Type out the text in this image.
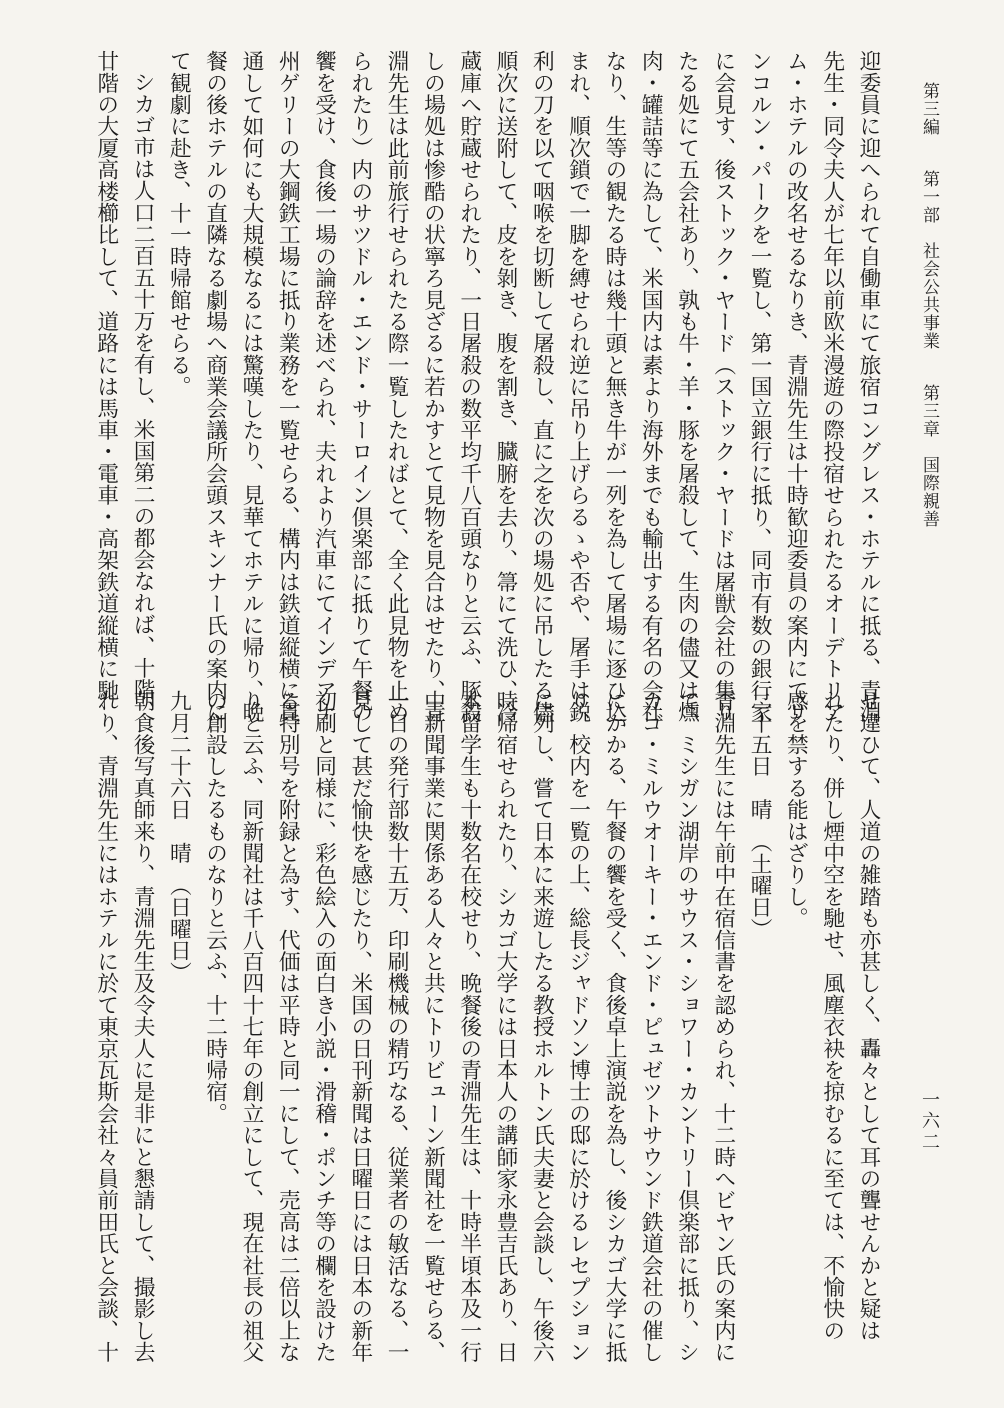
第三編第一部　社会公共事業第三章　国際親善
迎委員に迎へられて自働車にて旅宿コングレス・ホテルに抵る、青淵
先生・同令夫人が七年以前欧米漫遊の際投宿せられたるオーデトリア
ム・ホテルの改名せるなりき、青淵先生は十時歓迎委員の案内にてリ
ンコルン・パークを一覧し、第一国立銀行に抵り、同市有数の銀行家
に会見す、後ストック・ヤード（ストック・ヤードは屠獣会社の集り
たる処にて五会社あり、孰も牛・羊・豚を屠殺して、生肉の儘又は燻
肉・罐詰等に為して、米国内は素より海外までも輸出する有名の会社
なり、生等の観たる時は幾十頭と無き牛が一列を為して屠場に逐ひ込
まれ、順次鎖で一脚を縛せられ逆に吊り上げらるゝや否や、屠手は鋭
利の刀を以て咽喉を切断して屠殺し、直に之を次の場処に吊したる儘
順次に送附して、皮を剝き、腹を割き、臓腑を去り、箒にて洗ひ、冷
蔵庫へ貯蔵せられたり、一日屠殺の数平均千八百頭なりと云ふ、豚殺
しの場処は惨酷の状寧ろ見ざるに若かすとて見物を見合はせたり、青
淵先生は此前旅行せられたる際一覧したればとて、全く此見物を止め
られたり）内のサツドル・エンド・サーロイン倶楽部に抵りて午餐の
饗を受け、食後一場の論辞を述べられ、夫れより汽車にてインデアナ
州ゲリーの大鋼鉄工場に抵り業務を一覧せらる、構内は鉄道縦横に貫
通して如何にも大規模なるには驚嘆したり、見華てホテルに帰り、晩
餐の後ホテルの直隣なる劇場へ商業会議所会頭スキンナー氏の案内に
て観劇に赴き、十一時帰館せらる。
シカゴ市は人口二百五十万を有し、米国第二の都会なれば、十階、
廿階の大厦高楼櫛比して、道路には馬車・電車・高架鉄道縦横に馳
せ違ひて、人道の雑踏も亦甚しく、轟々として耳の聾せんかと疑は
れたり、併し煙中空を馳せ、風塵衣袂を掠むるに至ては、不愉快の
感を禁する能はざりし。
二十五日　晴　（土曜日）
青淵先生には午前中在宿信書を認められ、十二時へビヤン氏の案内に
て、ミシガン湖岸のサウス・ショワー・カントリー倶楽部に抵り、シ
カゴ・ミルウオーキー・エンド・ピュゼツトサウンド鉄道会社の催し
にかかる、午餐の饗を受く、食後卓上演説を為し、後シカゴ大学に抵
り、校内を一覧の上、総長ジャドソン博士の邸に於けるレセプション
に列し、嘗て日本に来遊したる教授ホルトン氏夫妻と会談し、午後六
時帰宿せられたり、シカゴ大学には日本人の講師家永豊吉氏あり、日
本留学生も十数名在校せり、晩餐後の青淵先生は、十時半頃本及一行
中新聞事業に関係ある人々と共にトリビューン新聞社を一覧せらる、
一日の発行部数十五万、印刷機械の精巧なる、従業者の敏活なる、一
見して甚だ愉快を感じたり、米国の日刊新聞は日曜日には日本の新年
初刷と同様に、彩色絵入の面白き小説・滑稽・ポンチ等の欄を設けた
る特別号を附録と為す、代価は平時と同一にして、売高は二倍以上な
りと云ふ、同新聞社は千八百四十七年の創立にして、現在社長の祖父
の創設したるものなりと云ふ、十二時帰宿。
九月二十六日　晴　（日曜日）
朝食後写真師来り、青淵先生及令夫人に是非にと懇請して、撮影し去
れり、青淵先生にはホテルに於て東京瓦斯会社々員前田氏と会談、十	一六二
